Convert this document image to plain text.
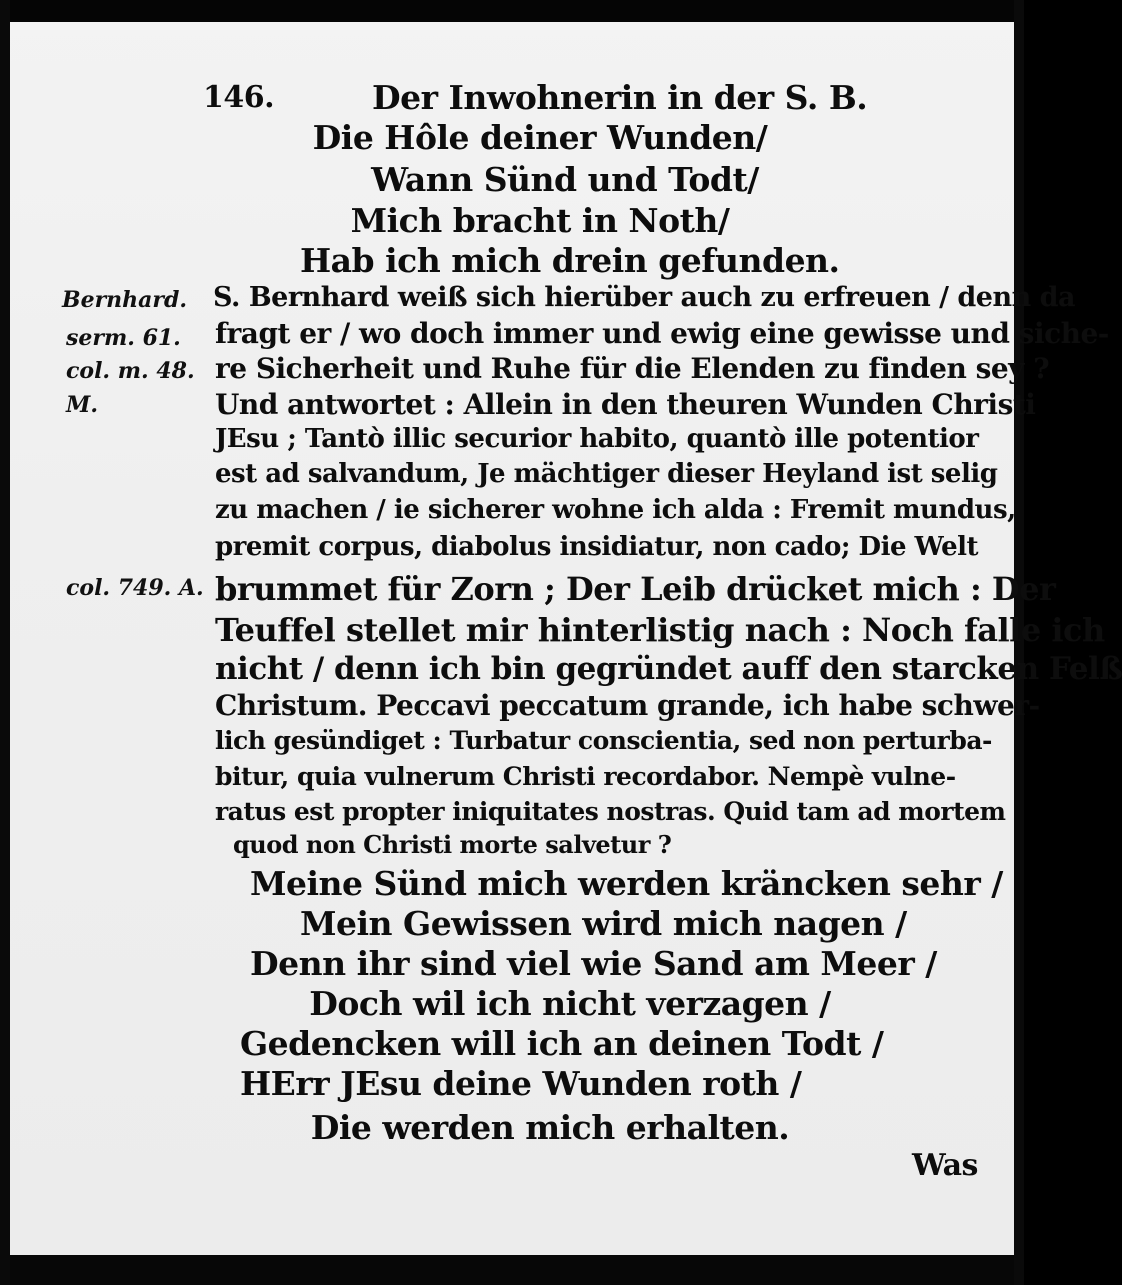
146.	Der Inwohnerin in der S. B.
Die Hôle deiner Wunden/
Wann Sünd und Todt/
Mich bracht in Noth/
Hab ich mich drein gefunden.
Bernhard.
serm. 61.
col. m. 48.
M.
col. 749. A.
S. Bernhard weiß sich hierüber auch zu erfreuen / denn da
fragt er / wo doch immer und ewig eine gewisse und siche-
re Sicherheit und Ruhe für die Elenden zu finden sey ?
Und antwortet : Allein in den theuren Wunden Christi
JEsu ; Tantò illic securior habito, quantò ille potentior
est ad salvandum, Je mächtiger dieser Heyland ist selig
zu machen / ie sicherer wohne ich alda : Fremit mundus,
premit corpus, diabolus insidiatur, non cado; Die Welt
brummet für Zorn ; Der Leib drücket mich : Der
Teuffel stellet mir hinterlistig nach : Noch falle ich
nicht / denn ich bin gegründet auff den starcken Felß
Christum. Peccavi peccatum grande, ich habe schwer-
lich gesündiget : Turbatur conscientia, sed non perturba-
bitur, quia vulnerum Christi recordabor. Nempè vulne-
ratus est propter iniquitates nostras. Quid tam ad mortem
quod non Christi morte salvetur ?
Meine Sünd mich werden kräncken sehr /
Mein Gewissen wird mich nagen /
Denn ihr sind viel wie Sand am Meer /
Doch wil ich nicht verzagen /
Gedencken will ich an deinen Todt /
HErr JEsu deine Wunden roth /
Die werden mich erhalten.
Was
